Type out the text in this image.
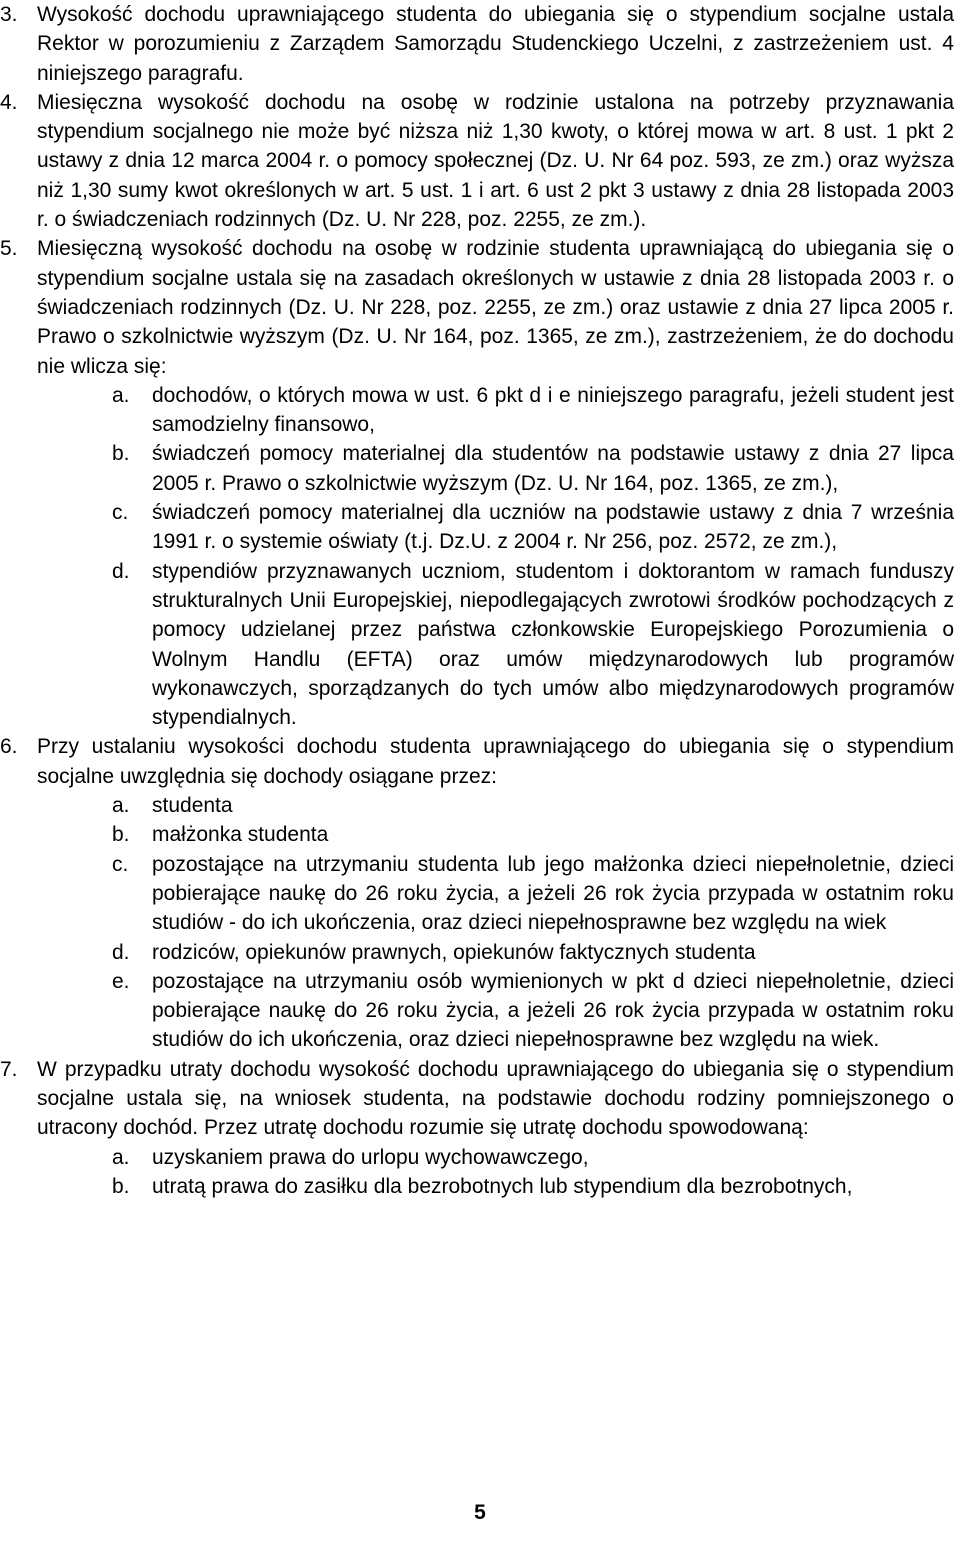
3. Wysokość dochodu uprawniającego studenta do ubiegania się o stypendium socjalne ustala Rektor w porozumieniu z Zarządem Samorządu Studenckiego Uczelni, z zastrzeżeniem ust. 4 niniejszego paragrafu.
4. Miesięczna wysokość dochodu na osobę w rodzinie ustalona na potrzeby przyznawania stypendium socjalnego nie może być niższa niż 1,30 kwoty, o której mowa w art. 8 ust. 1 pkt 2 ustawy z dnia 12 marca 2004 r. o pomocy społecznej (Dz. U. Nr 64 poz. 593, ze zm.) oraz wyższa niż 1,30 sumy kwot określonych w art. 5 ust. 1 i art. 6 ust 2 pkt 3 ustawy z dnia 28 listopada 2003 r. o świadczeniach rodzinnych (Dz. U. Nr 228, poz. 2255, ze zm.).
5. Miesięczną wysokość dochodu na osobę w rodzinie studenta uprawniającą do ubiegania się o stypendium socjalne ustala się na zasadach określonych w ustawie z dnia 28 listopada 2003 r. o świadczeniach rodzinnych (Dz. U. Nr 228, poz. 2255, ze zm.) oraz ustawie z dnia 27 lipca 2005 r. Prawo o szkolnictwie wyższym (Dz. U. Nr 164, poz. 1365, ze zm.), zastrzeżeniem, że do dochodu nie wlicza się:
a.	dochodów, o których mowa w ust. 6 pkt d i e niniejszego paragrafu, jeżeli student jest samodzielny finansowo,
b.	świadczeń pomocy materialnej dla studentów na podstawie ustawy z dnia 27 lipca 2005 r. Prawo o szkolnictwie wyższym (Dz. U. Nr 164, poz. 1365, ze zm.),
c.	świadczeń pomocy materialnej dla uczniów na podstawie ustawy z dnia 7 września 1991 r. o systemie oświaty (t.j. Dz.U. z 2004 r. Nr 256, poz. 2572, ze zm.),
d.	stypendiów przyznawanych uczniom, studentom i doktorantom w ramach funduszy strukturalnych Unii Europejskiej, niepodlegających zwrotowi środków pochodzących z pomocy udzielanej przez państwa członkowskie Europejskiego Porozumienia o Wolnym Handlu (EFTA) oraz umów międzynarodowych lub programów wykonawczych, sporządzanych do tych umów albo międzynarodowych programów stypendialnych.
6. Przy ustalaniu wysokości dochodu studenta uprawniającego do ubiegania się o stypendium socjalne uwzględnia się dochody osiągane przez:
a.	studenta
b.	małżonka studenta
c.	pozostające na utrzymaniu studenta lub jego małżonka dzieci niepełnoletnie, dzieci pobierające naukę do 26 roku życia, a jeżeli 26 rok życia przypada w ostatnim roku studiów - do ich ukończenia, oraz dzieci niepełnosprawne bez względu na wiek
d.	rodziców, opiekunów prawnych, opiekunów faktycznych studenta
e.	pozostające na utrzymaniu osób wymienionych w pkt d dzieci niepełnoletnie, dzieci pobierające naukę do 26 roku życia, a jeżeli 26 rok życia przypada w ostatnim roku studiów do ich ukończenia, oraz dzieci niepełnosprawne bez względu na wiek.
7. W przypadku utraty dochodu wysokość dochodu uprawniającego do ubiegania się o stypendium socjalne ustala się, na wniosek studenta, na podstawie dochodu rodziny pomniejszonego o utracony dochód. Przez utratę dochodu rozumie się utratę dochodu spowodowaną:
a.	uzyskaniem prawa do urlopu wychowawczego,
b.	utratą prawa do zasiłku dla bezrobotnych lub stypendium dla bezrobotnych,
5
